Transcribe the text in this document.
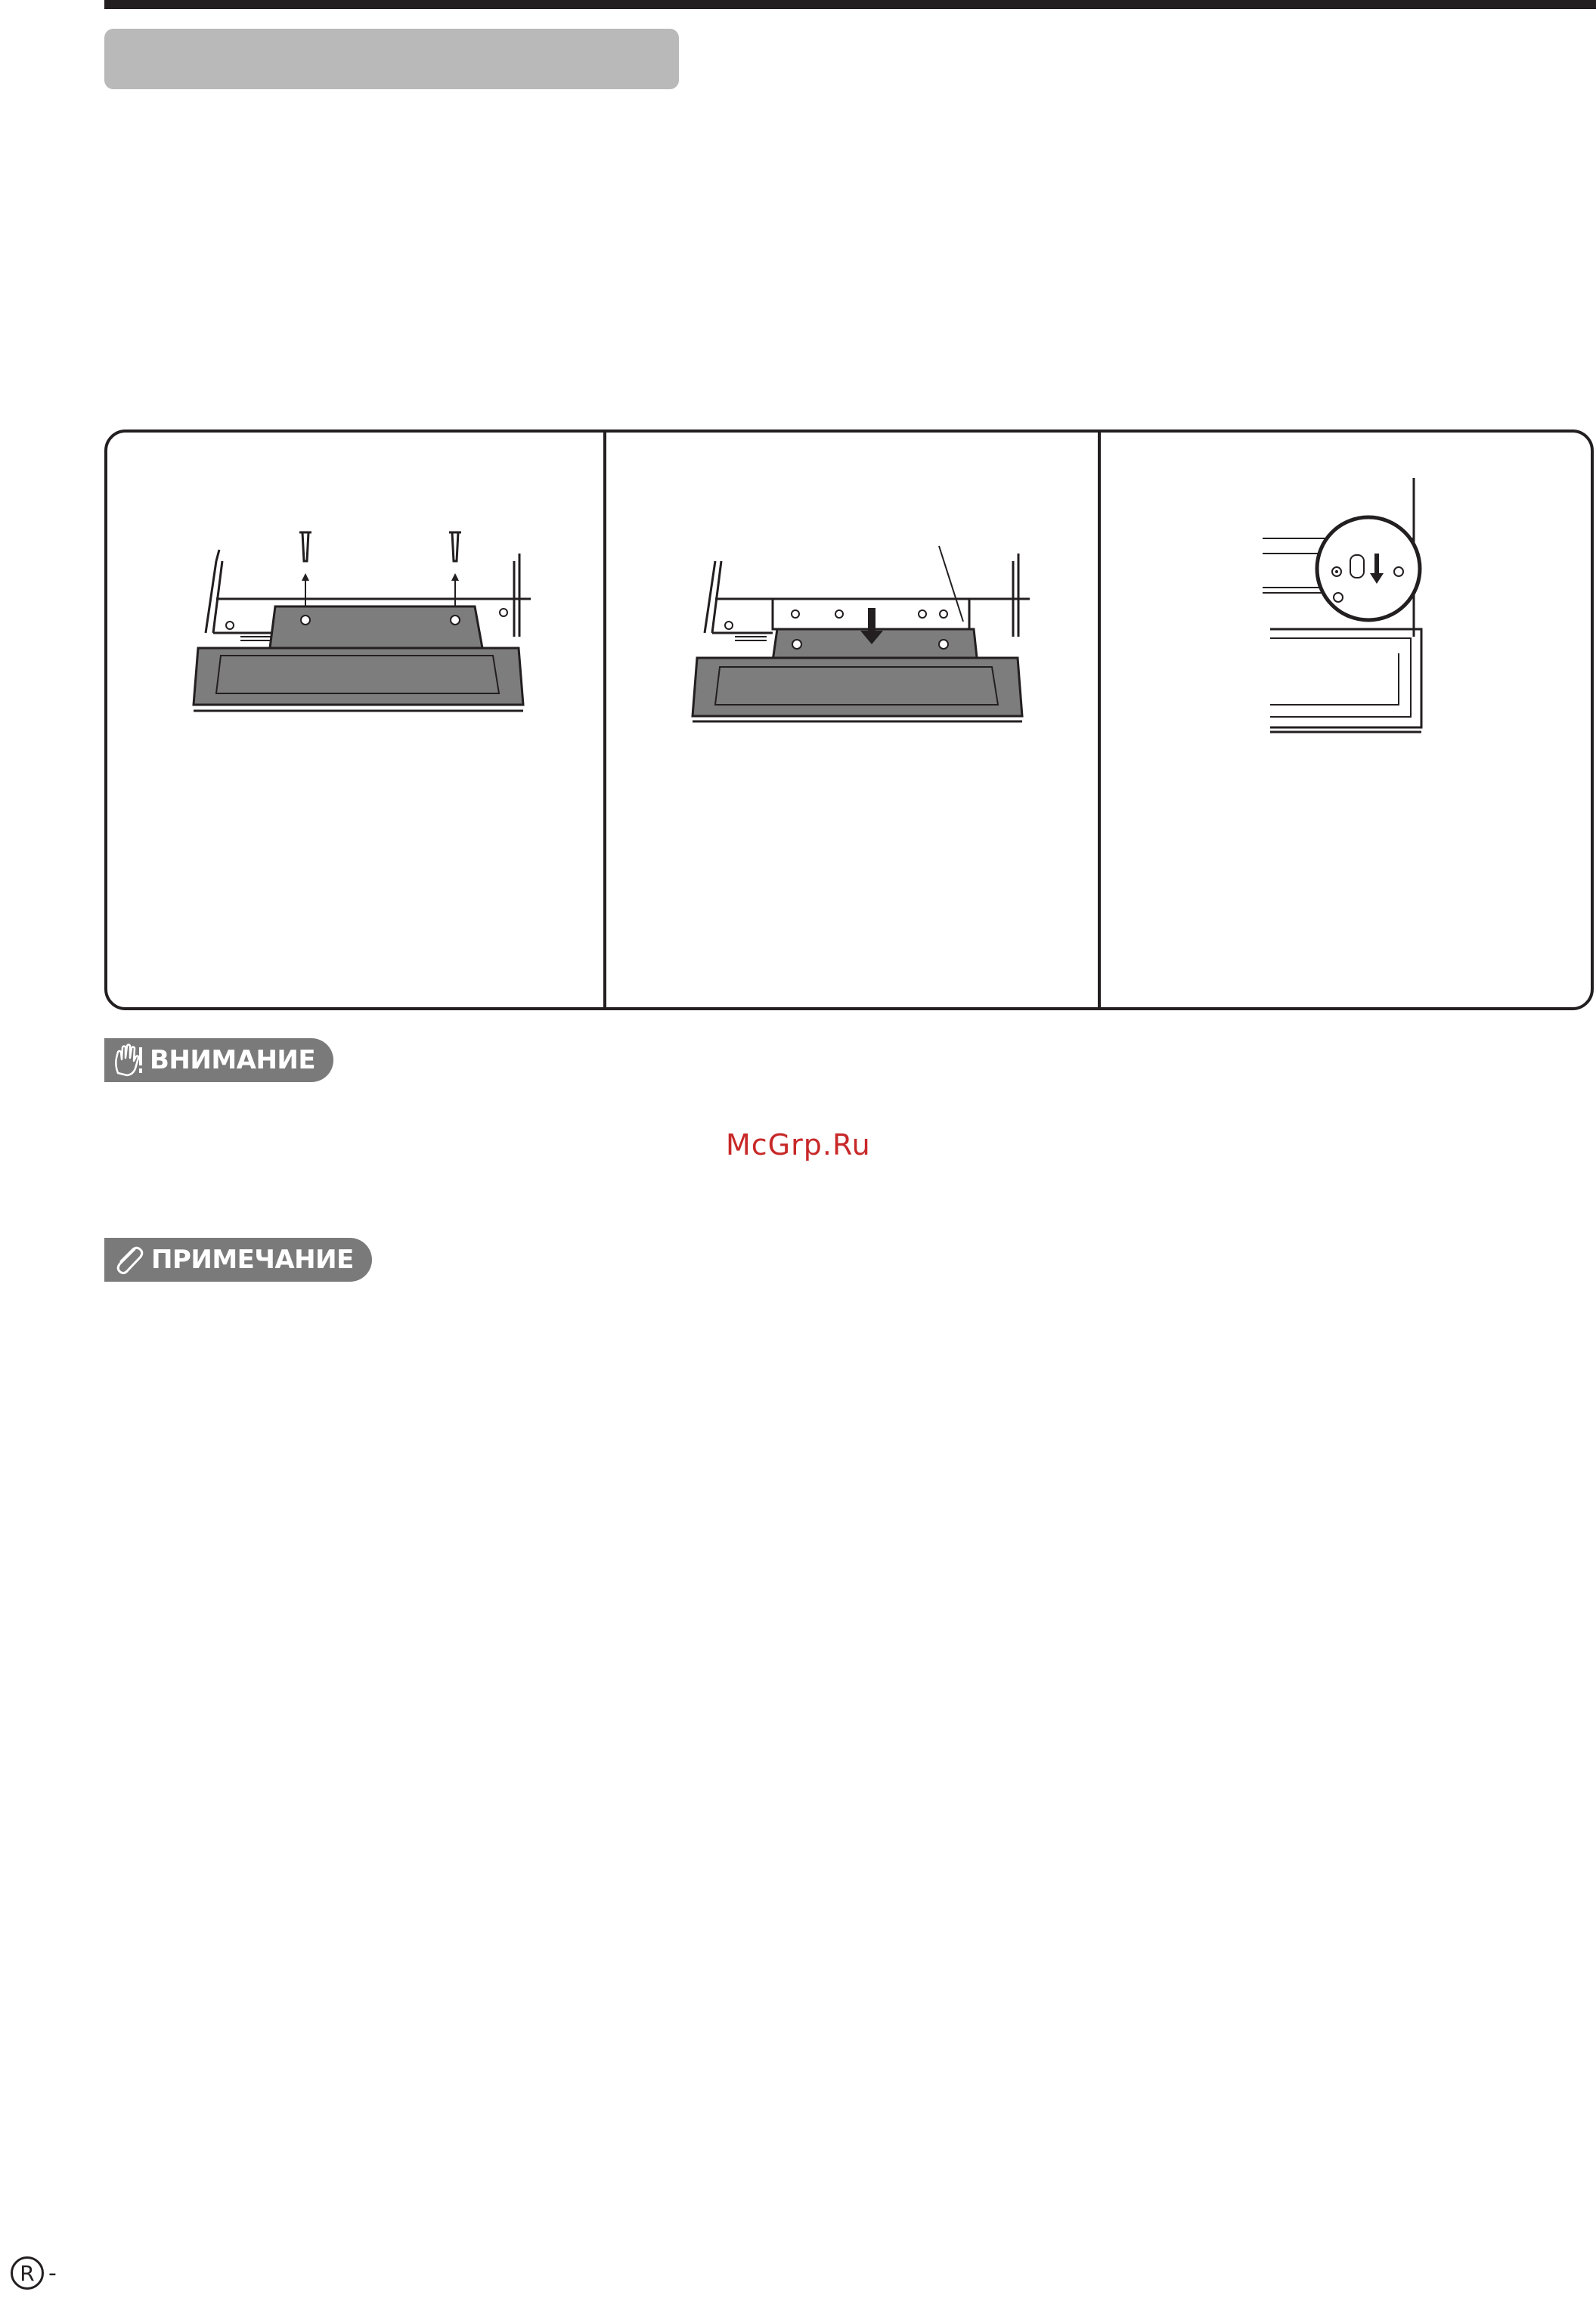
ВНИМАНИЕ
McGrp.Ru
ПРИМЕЧАНИЕ
R -
